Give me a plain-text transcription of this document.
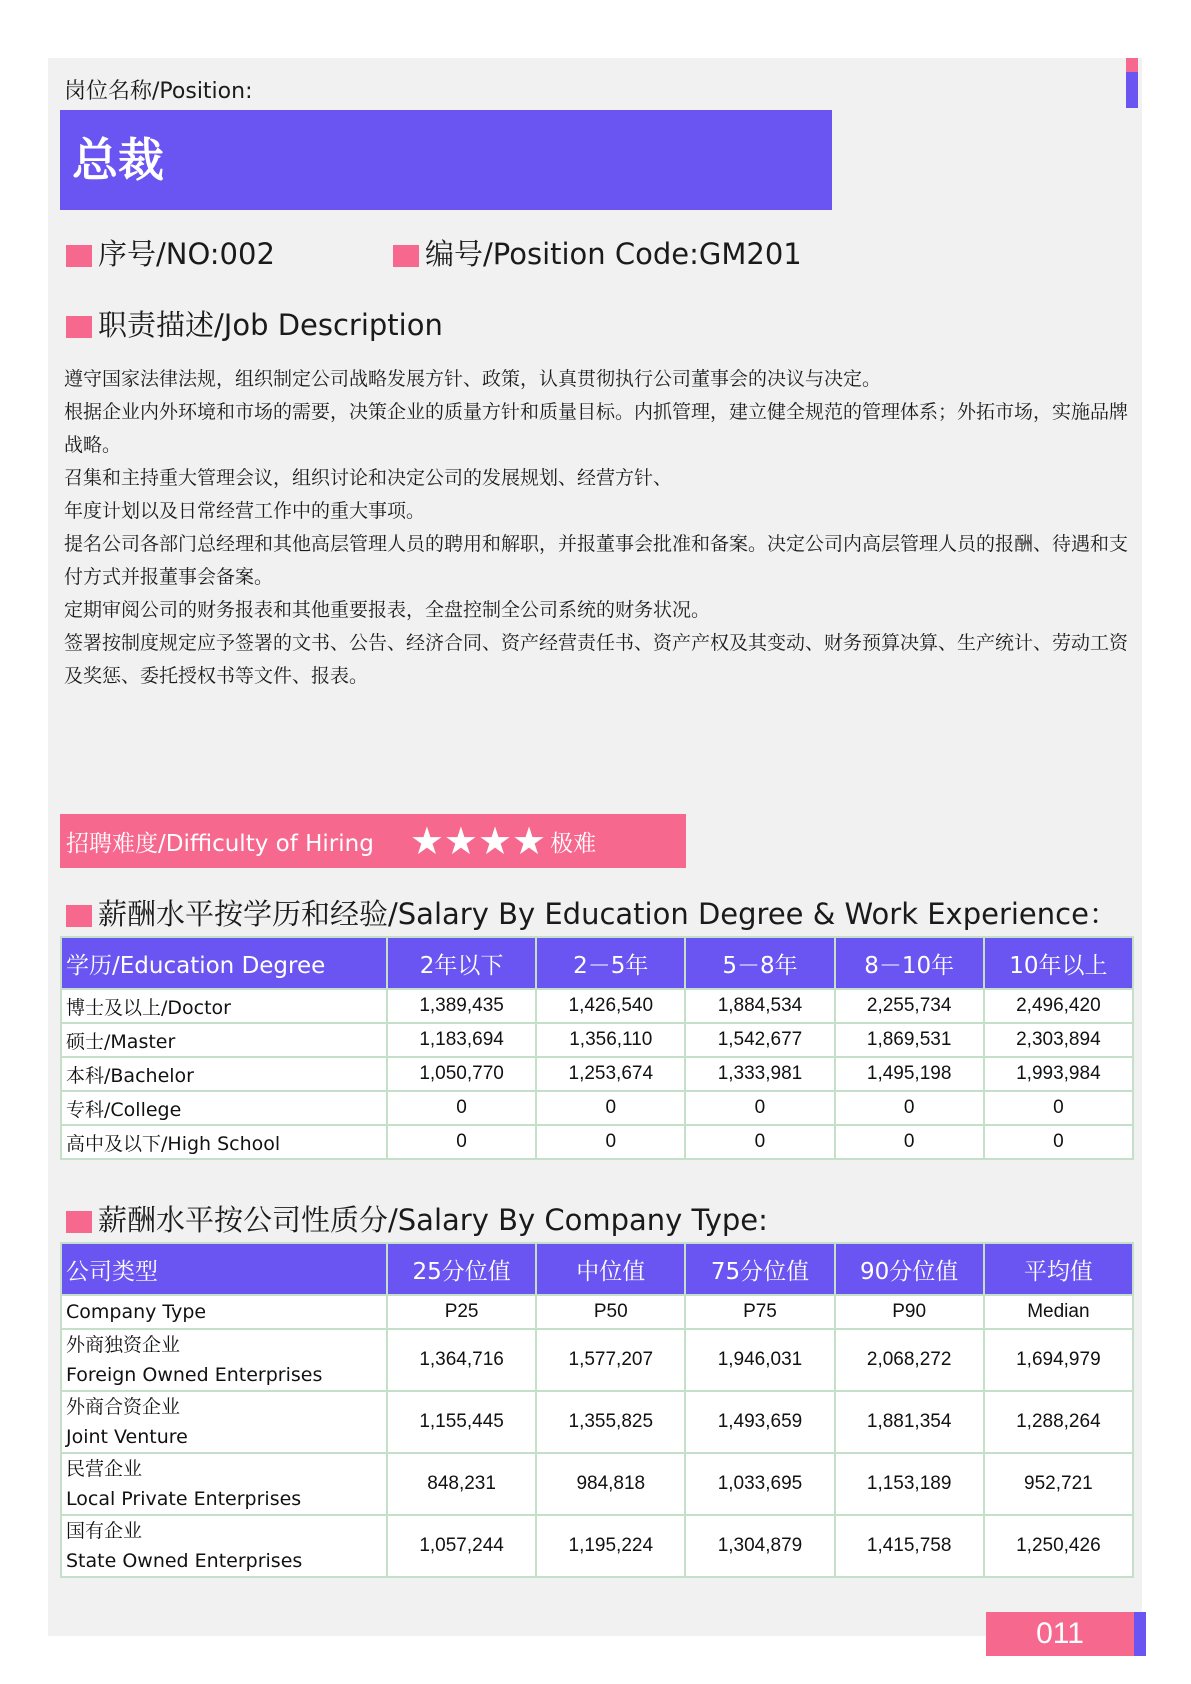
岗位名称/Position:
总裁
序号/NO:002	编号/Position Code:GM201
职责描述/Job Description

遵守国家法律法规，组织制定公司战略发展方针、政策，认真贯彻执行公司董事会的决议与决定。

根据企业内外环境和市场的需要，决策企业的质量方针和质量目标。内抓管理，建立健全规范的管理体系；外拓市场，实施品牌战略。

召集和主持重大管理会议，组织讨论和决定公司的发展规划、经营方针、

年度计划以及日常经营工作中的重大事项。

提名公司各部门总经理和其他高层管理人员的聘用和解职，并报董事会批准和备案。决定公司内高层管理人员的报酬、待遇和支付方式并报董事会备案。

定期审阅公司的财务报表和其他重要报表，全盘控制全公司系统的财务状况。

签署按制度规定应予签署的文书、公告、经济合同、资产经营责任书、资产产权及其变动、财务预算决算、生产统计、劳动工资及奖惩、委托授权书等文件、报表。

招聘难度/Difficulty of Hiring ★★★★ 极难
薪酬水平按学历和经验/Salary By Education Degree & Work Experience：
学历/Education Degree	2年以下	2－5年	5－8年	8－10年	10年以上
博士及以上/Doctor	1,389,435	1,426,540	1,884,534	2,255,734	2,496,420
硕士/Master	1,183,694	1,356,110	1,542,677	1,869,531	2,303,894
本科/Bachelor	1,050,770	1,253,674	1,333,981	1,495,198	1,993,984
专科/College	0	0	0	0	0
高中及以下/High School	0	0	0	0	0
薪酬水平按公司性质分/Salary By Company Type:
公司类型	25分位值	中位值	75分位值	90分位值	平均值
Company Type	P25	P50	P75	P90	Median

外商独资企业
Foreign Owned Enterprises	1,364,716	1,577,207	1,946,031	2,068,272	1,694,979

外商合资企业
Joint Venture	1,155,445	1,355,825	1,493,659	1,881,354	1,288,264

民营企业
Local Private Enterprises	848,231	984,818	1,033,695	1,153,189	952,721

国有企业
State Owned Enterprises	1,057,244	1,195,224	1,304,879	1,415,758	1,250,426
011
